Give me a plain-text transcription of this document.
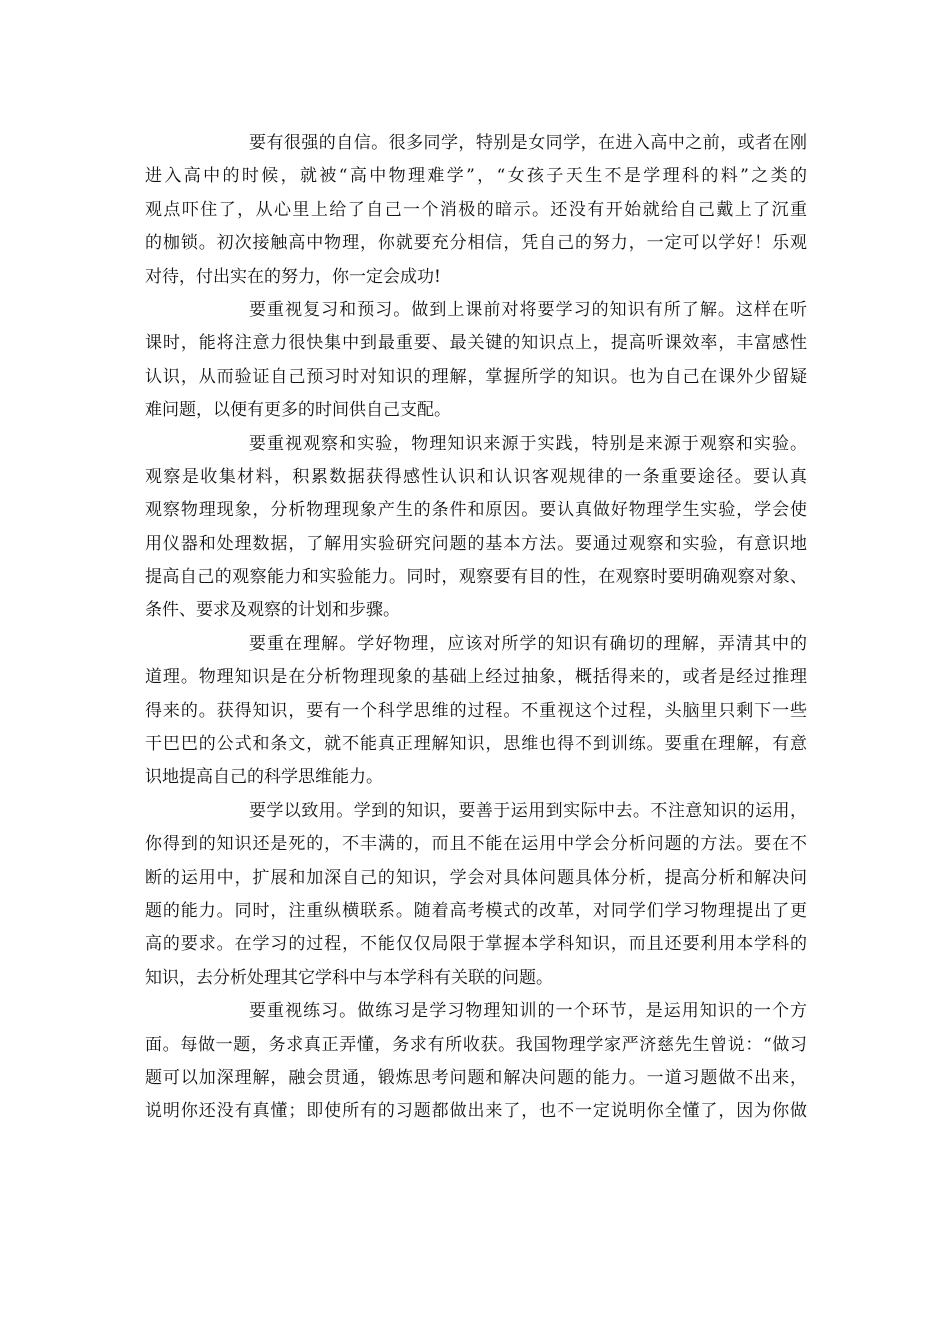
要有很强的自信。很多同学，特别是女同学，在进入高中之前，或者在刚
进入高中的时候，就被“高中物理难学”，“女孩子天生不是学理科的料”之类的
观点吓住了，从心里上给了自己一个消极的暗示。还没有开始就给自己戴上了沉重
的枷锁。初次接触高中物理，你就要充分相信，凭自己的努力，一定可以学好！乐观
对待，付出实在的努力，你一定会成功!
要重视复习和预习。做到上课前对将要学习的知识有所了解。这样在听
课时，能将注意力很快集中到最重要、最关键的知识点上，提高听课效率，丰富感性
认识，从而验证自己预习时对知识的理解，掌握所学的知识。也为自己在课外少留疑
难问题，以便有更多的时间供自己支配。
要重视观察和实验，物理知识来源于实践，特别是来源于观察和实验。
观察是收集材料，积累数据获得感性认识和认识客观规律的一条重要途径。要认真
观察物理现象，分析物理现象产生的条件和原因。要认真做好物理学生实验，学会使
用仪器和处理数据，了解用实验研究问题的基本方法。要通过观察和实验，有意识地
提高自己的观察能力和实验能力。同时，观察要有目的性，在观察时要明确观察对象、
条件、要求及观察的计划和步骤。
要重在理解。学好物理，应该对所学的知识有确切的理解，弄清其中的
道理。物理知识是在分析物理现象的基础上经过抽象，概括得来的，或者是经过推理
得来的。获得知识，要有一个科学思维的过程。不重视这个过程，头脑里只剩下一些
干巴巴的公式和条文，就不能真正理解知识，思维也得不到训练。要重在理解，有意
识地提高自己的科学思维能力。
要学以致用。学到的知识，要善于运用到实际中去。不注意知识的运用，
你得到的知识还是死的，不丰满的，而且不能在运用中学会分析问题的方法。要在不
断的运用中，扩展和加深自己的知识，学会对具体问题具体分析，提高分析和解决问
题的能力。同时，注重纵横联系。随着高考模式的改革，对同学们学习物理提出了更
高的要求。在学习的过程，不能仅仅局限于掌握本学科知识，而且还要利用本学科的
知识，去分析处理其它学科中与本学科有关联的问题。
要重视练习。做练习是学习物理知训的一个环节，是运用知识的一个方
面。每做一题，务求真正弄懂，务求有所收获。我国物理学家严济慈先生曾说：“做习
题可以加深理解，融会贯通，锻炼思考问题和解决问题的能力。一道习题做不出来，
说明你还没有真懂；即使所有的习题都做出来了，也不一定说明你全懂了，因为你做
